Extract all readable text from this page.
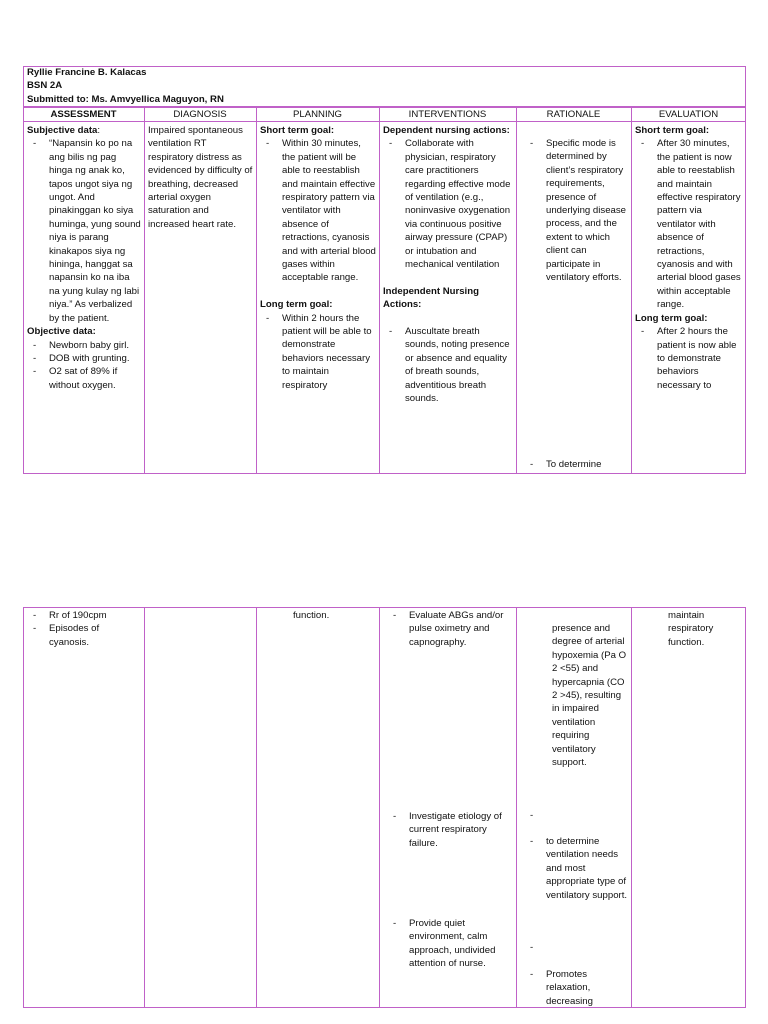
Ryllie Francine B. Kalacas
BSN 2A
Submitted to: Ms. Amvyellica Maguyon, RN
ASSESSMENT	DIAGNOSIS	PLANNING	INTERVENTIONS	RATIONALE	EVALUATION
Subjective data:
- “Napansin ko po na ang bilis ng pag hinga ng anak ko, tapos ungot siya ng ungot. And pinakinggan ko siya huminga, yung sound niya is parang kinakapos siya ng hininga, hanggat sa napansin ko na iba na yung kulay ng labi niya.” As verbalized by the patient.
Objective data:
- Newborn baby girl.
- DOB with grunting.
- O2 sat of 89% if without oxygen.
Impaired spontaneous ventilation RT respiratory distress as evidenced by difficulty of breathing, decreased arterial oxygen saturation and increased heart rate.
Short term goal:
- Within 30 minutes, the patient will be able to reestablish and maintain effective respiratory pattern via ventilator with absence of retractions, cyanosis and with arterial blood gases within acceptable range.
Long term goal:
- Within 2 hours the patient will be able to demonstrate behaviors necessary to maintain respiratory
Dependent nursing actions:
- Collaborate with physician, respiratory care practitioners regarding effective mode of ventilation (e.g., noninvasive oxygenation via continuous positive airway pressure (CPAP) or intubation and mechanical ventilation
Independent Nursing Actions:
- Auscultate breath sounds, noting presence or absence and equality of breath sounds, adventitious breath sounds.
- Specific mode is determined by client’s respiratory requirements, presence of underlying disease process, and the extent to which client can participate in ventilatory efforts.
- To determine
Short term goal:
- After 30 minutes, the patient is now able to reestablish and maintain effective respiratory pattern via ventilator with absence of retractions, cyanosis and with arterial blood gases within acceptable range.
Long term goal:
- After 2 hours the patient is now able to demonstrate behaviors necessary to
- Rr of 190cpm
- Episodes of cyanosis.
function.
-	Evaluate ABGs and/or pulse oximetry and capnography.
- Investigate etiology of current respiratory failure.
- Provide quiet environment, calm approach, undivided attention of nurse.
presence and degree of arterial hypoxemia (Pa O 2 <55) and hypercapnia (CO 2 >45), resulting in impaired ventilation requiring ventilatory support.
- to determine ventilation needs and most appropriate type of ventilatory support.
- Promotes relaxation, decreasing
maintain respiratory function.
